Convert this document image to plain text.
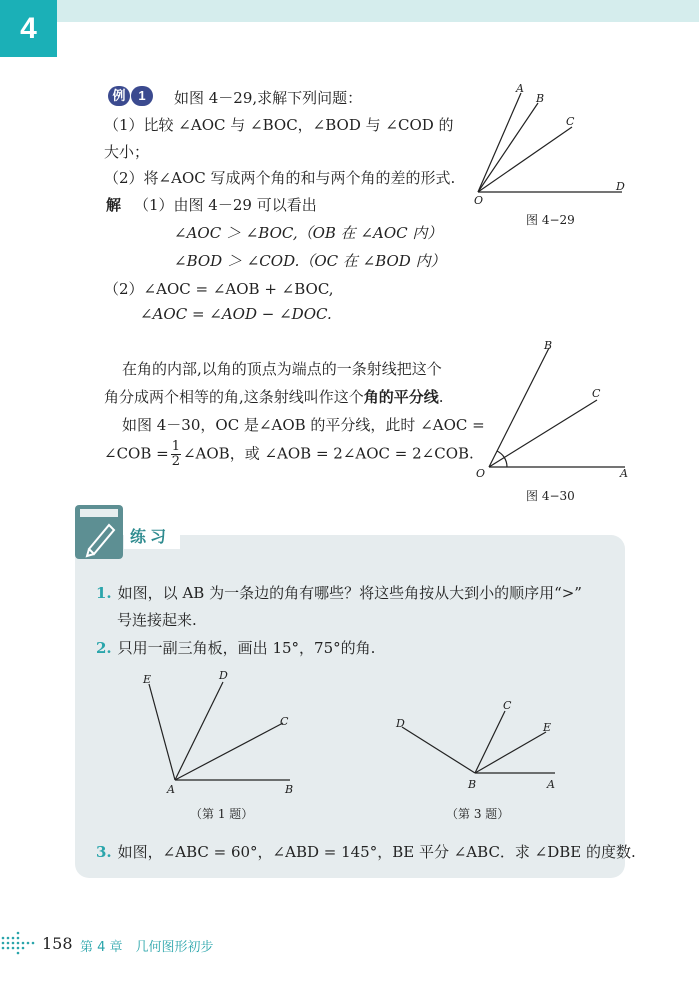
4
例 1	如图 4－29,求解下列问题：
（1）比较 ∠AOC 与 ∠BOC，∠BOD 与 ∠COD 的
大小；
（2）将∠AOC 写成两个角的和与两个角的差的形式.
解 （1）由图 4－29 可以看出
∠AOC ＞ ∠BOC,（OB 在 ∠AOC 内）
∠BOD ＞ ∠COD.（OC 在 ∠BOD 内）
（2）∠AOC = ∠AOB + ∠BOC,
∠AOC = ∠AOD − ∠DOC.
A
B
C
D
O
图 4−29
在角的内部,以角的顶点为端点的一条射线把这个
角分成两个相等的角,这条射线叫作这个角的平分线.
如图 4－30，OC 是∠AOB 的平分线，此时 ∠AOC =
∠COB = $\frac{1}{2}$ ∠AOB，或 ∠AOB = 2∠AOC = 2∠COB.
B
C
A
O
图 4−30
练习
1. 如图，以 AB 为一条边的角有哪些？将这些角按从大到小的顺序用“>”
号连接起来.
2. 只用一副三角板，画出 15°，75°的角.
E	D
C
B
A
（第 1 题）
D
C
E
A
B
（第 3 题）
3. 如图，∠ABC = 60°，∠ABD = 145°，BE 平分 ∠ABC．求 ∠DBE 的度数.
158 第 4 章　几何图形初步
